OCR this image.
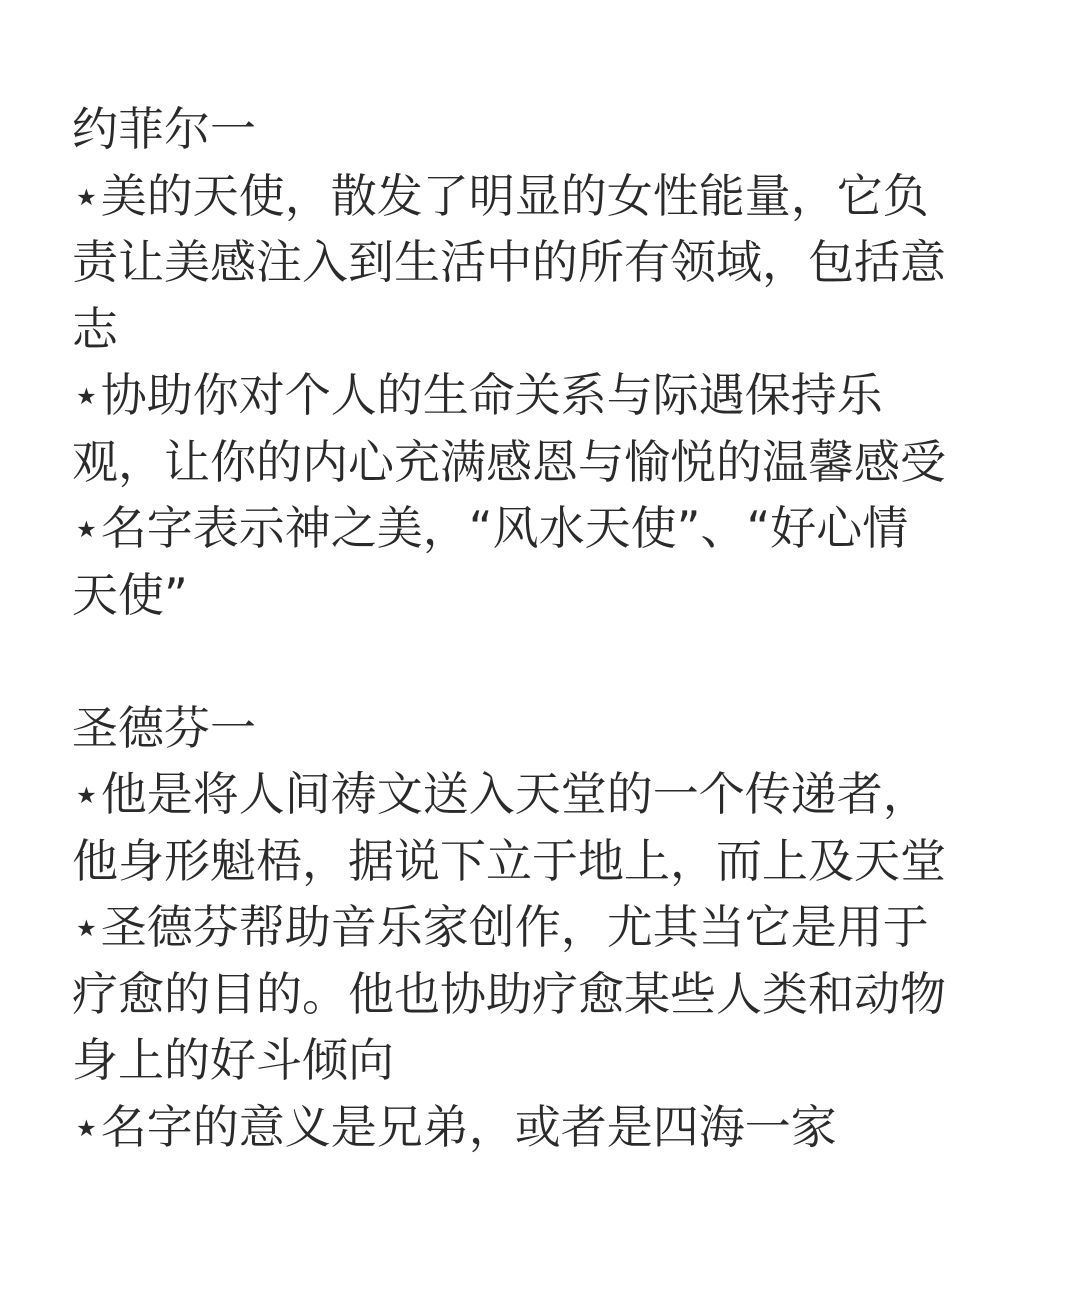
约菲尔一
⋆美的天使，散发了明显的女性能量，它负
责让美感注入到生活中的所有领域，包括意
志
⋆协助你对个人的生命关系与际遇保持乐
观，让你的内心充满感恩与愉悦的温馨感受
⋆名字表示神之美，“风水天使”、“好心情
天使”
圣德芬一
⋆他是将人间祷文送入天堂的一个传递者，
他身形魁梧，据说下立于地上，而上及天堂
⋆圣德芬帮助音乐家创作，尤其当它是用于
疗愈的目的。他也协助疗愈某些人类和动物
身上的好斗倾向
⋆名字的意义是兄弟，或者是四海一家
